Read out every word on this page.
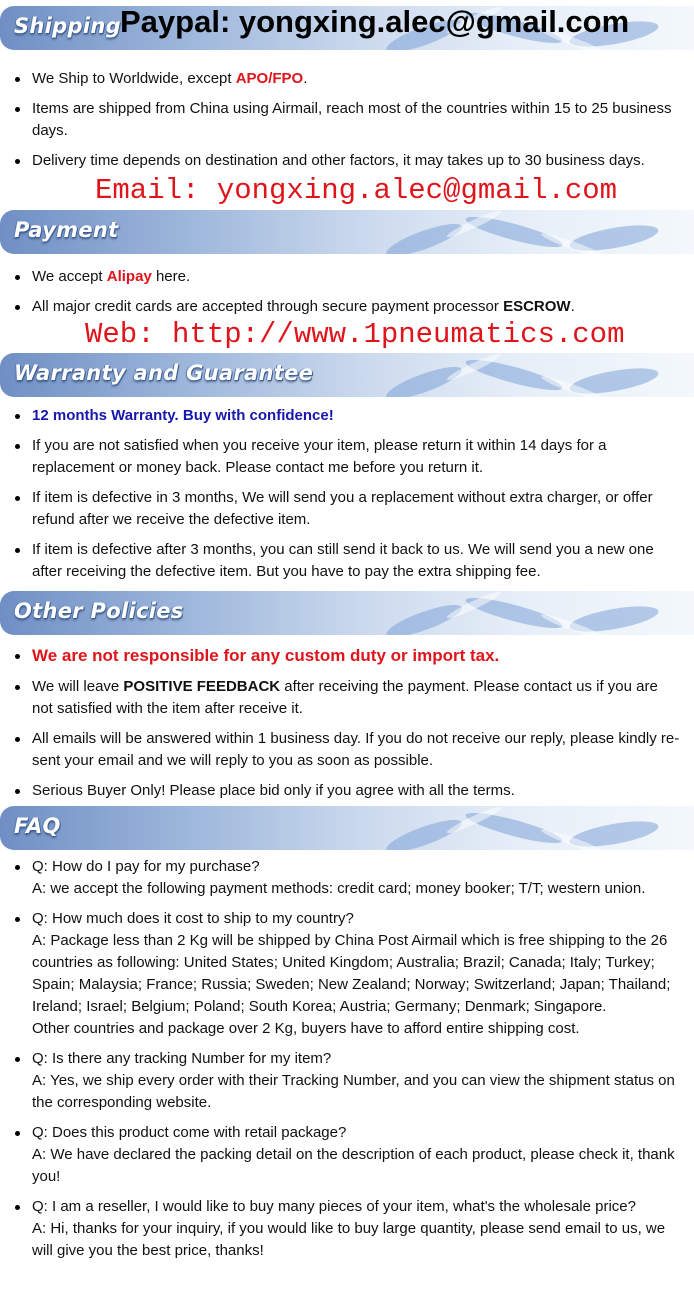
Shipping Paypal: yongxing.alec@gmail.com
We Ship to Worldwide, except APO/FPO.
Items are shipped from China using Airmail, reach most of the countries within 15 to 25 business days.
Delivery time depends on destination and other factors, it may takes up to 30 business days.
Email: yongxing.alec@gmail.com
Payment
We accept Alipay here.
All major credit cards are accepted through secure payment processor ESCROW.
Web: http://www.1pneumatics.com
Warranty and Guarantee
12 months Warranty. Buy with confidence!
If you are not satisfied when you receive your item, please return it within 14 days for a replacement or money back. Please contact me before you return it.
If item is defective in 3 months, We will send you a replacement without extra charger, or offer refund after we receive the defective item.
If item is defective after 3 months, you can still send it back to us. We will send you a new one after receiving the defective item. But you have to pay the extra shipping fee.
Other Policies
We are not responsible for any custom duty or import tax.
We will leave POSITIVE FEEDBACK after receiving the payment. Please contact us if you are not satisfied with the item after receive it.
All emails will be answered within 1 business day. If you do not receive our reply, please kindly re-sent your email and we will reply to you as soon as possible.
Serious Buyer Only! Please place bid only if you agree with all the terms.
FAQ
Q: How do I pay for my purchase?
A: we accept the following payment methods: credit card; money booker; T/T; western union.
Q: How much does it cost to ship to my country?
A: Package less than 2 Kg will be shipped by China Post Airmail which is free shipping to the 26 countries as following: United States; United Kingdom; Australia; Brazil; Canada; Italy; Turkey; Spain; Malaysia; France; Russia; Sweden; New Zealand; Norway; Switzerland; Japan; Thailand; Ireland; Israel; Belgium; Poland; South Korea; Austria; Germany; Denmark; Singapore.
Other countries and package over 2 Kg, buyers have to afford entire shipping cost.
Q: Is there any tracking Number for my item?
A: Yes, we ship every order with their Tracking Number, and you can view the shipment status on the corresponding website.
Q: Does this product come with retail package?
A: We have declared the packing detail on the description of each product, please check it, thank you!
Q: I am a reseller, I would like to buy many pieces of your item, what's the wholesale price?
A: Hi, thanks for your inquiry, if you would like to buy large quantity, please send email to us, we will give you the best price, thanks!
